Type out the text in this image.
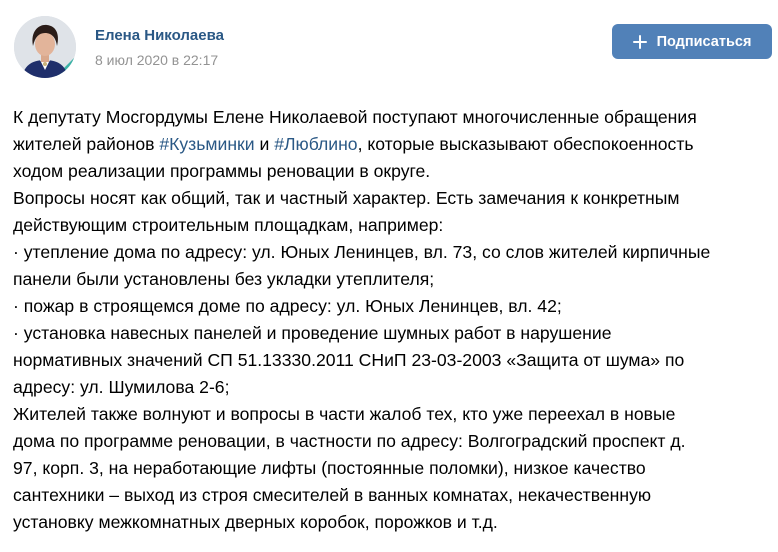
Елена Николаева
8 июл 2020 в 22:17
Подписаться
К депутату Мосгордумы Елене Николаевой поступают многочисленные обращения
жителей районов #Кузьминки и #Люблино, которые высказывают обеспокоенность
ходом реализации программы реновации в округе.
Вопросы носят как общий, так и частный характер. Есть замечания к конкретным
действующим строительным площадкам, например:
· утепление дома по адресу: ул. Юных Ленинцев, вл. 73, со слов жителей кирпичные
панели были установлены без укладки утеплителя;
· пожар в строящемся доме по адресу: ул. Юных Ленинцев, вл. 42;
· установка навесных панелей и проведение шумных работ в нарушение
нормативных значений СП 51.13330.2011 СНиП 23-03-2003 «Защита от шума» по
адресу: ул. Шумилова 2-6;
Жителей также волнуют и вопросы в части жалоб тех, кто уже переехал в новые
дома по программе реновации, в частности по адресу: Волгоградский проспект д.
97, корп. 3, на неработающие лифты (постоянные поломки), низкое качество
сантехники – выход из строя смесителей в ванных комнатах, некачественную
установку межкомнатных дверных коробок, порожков и т.д.
